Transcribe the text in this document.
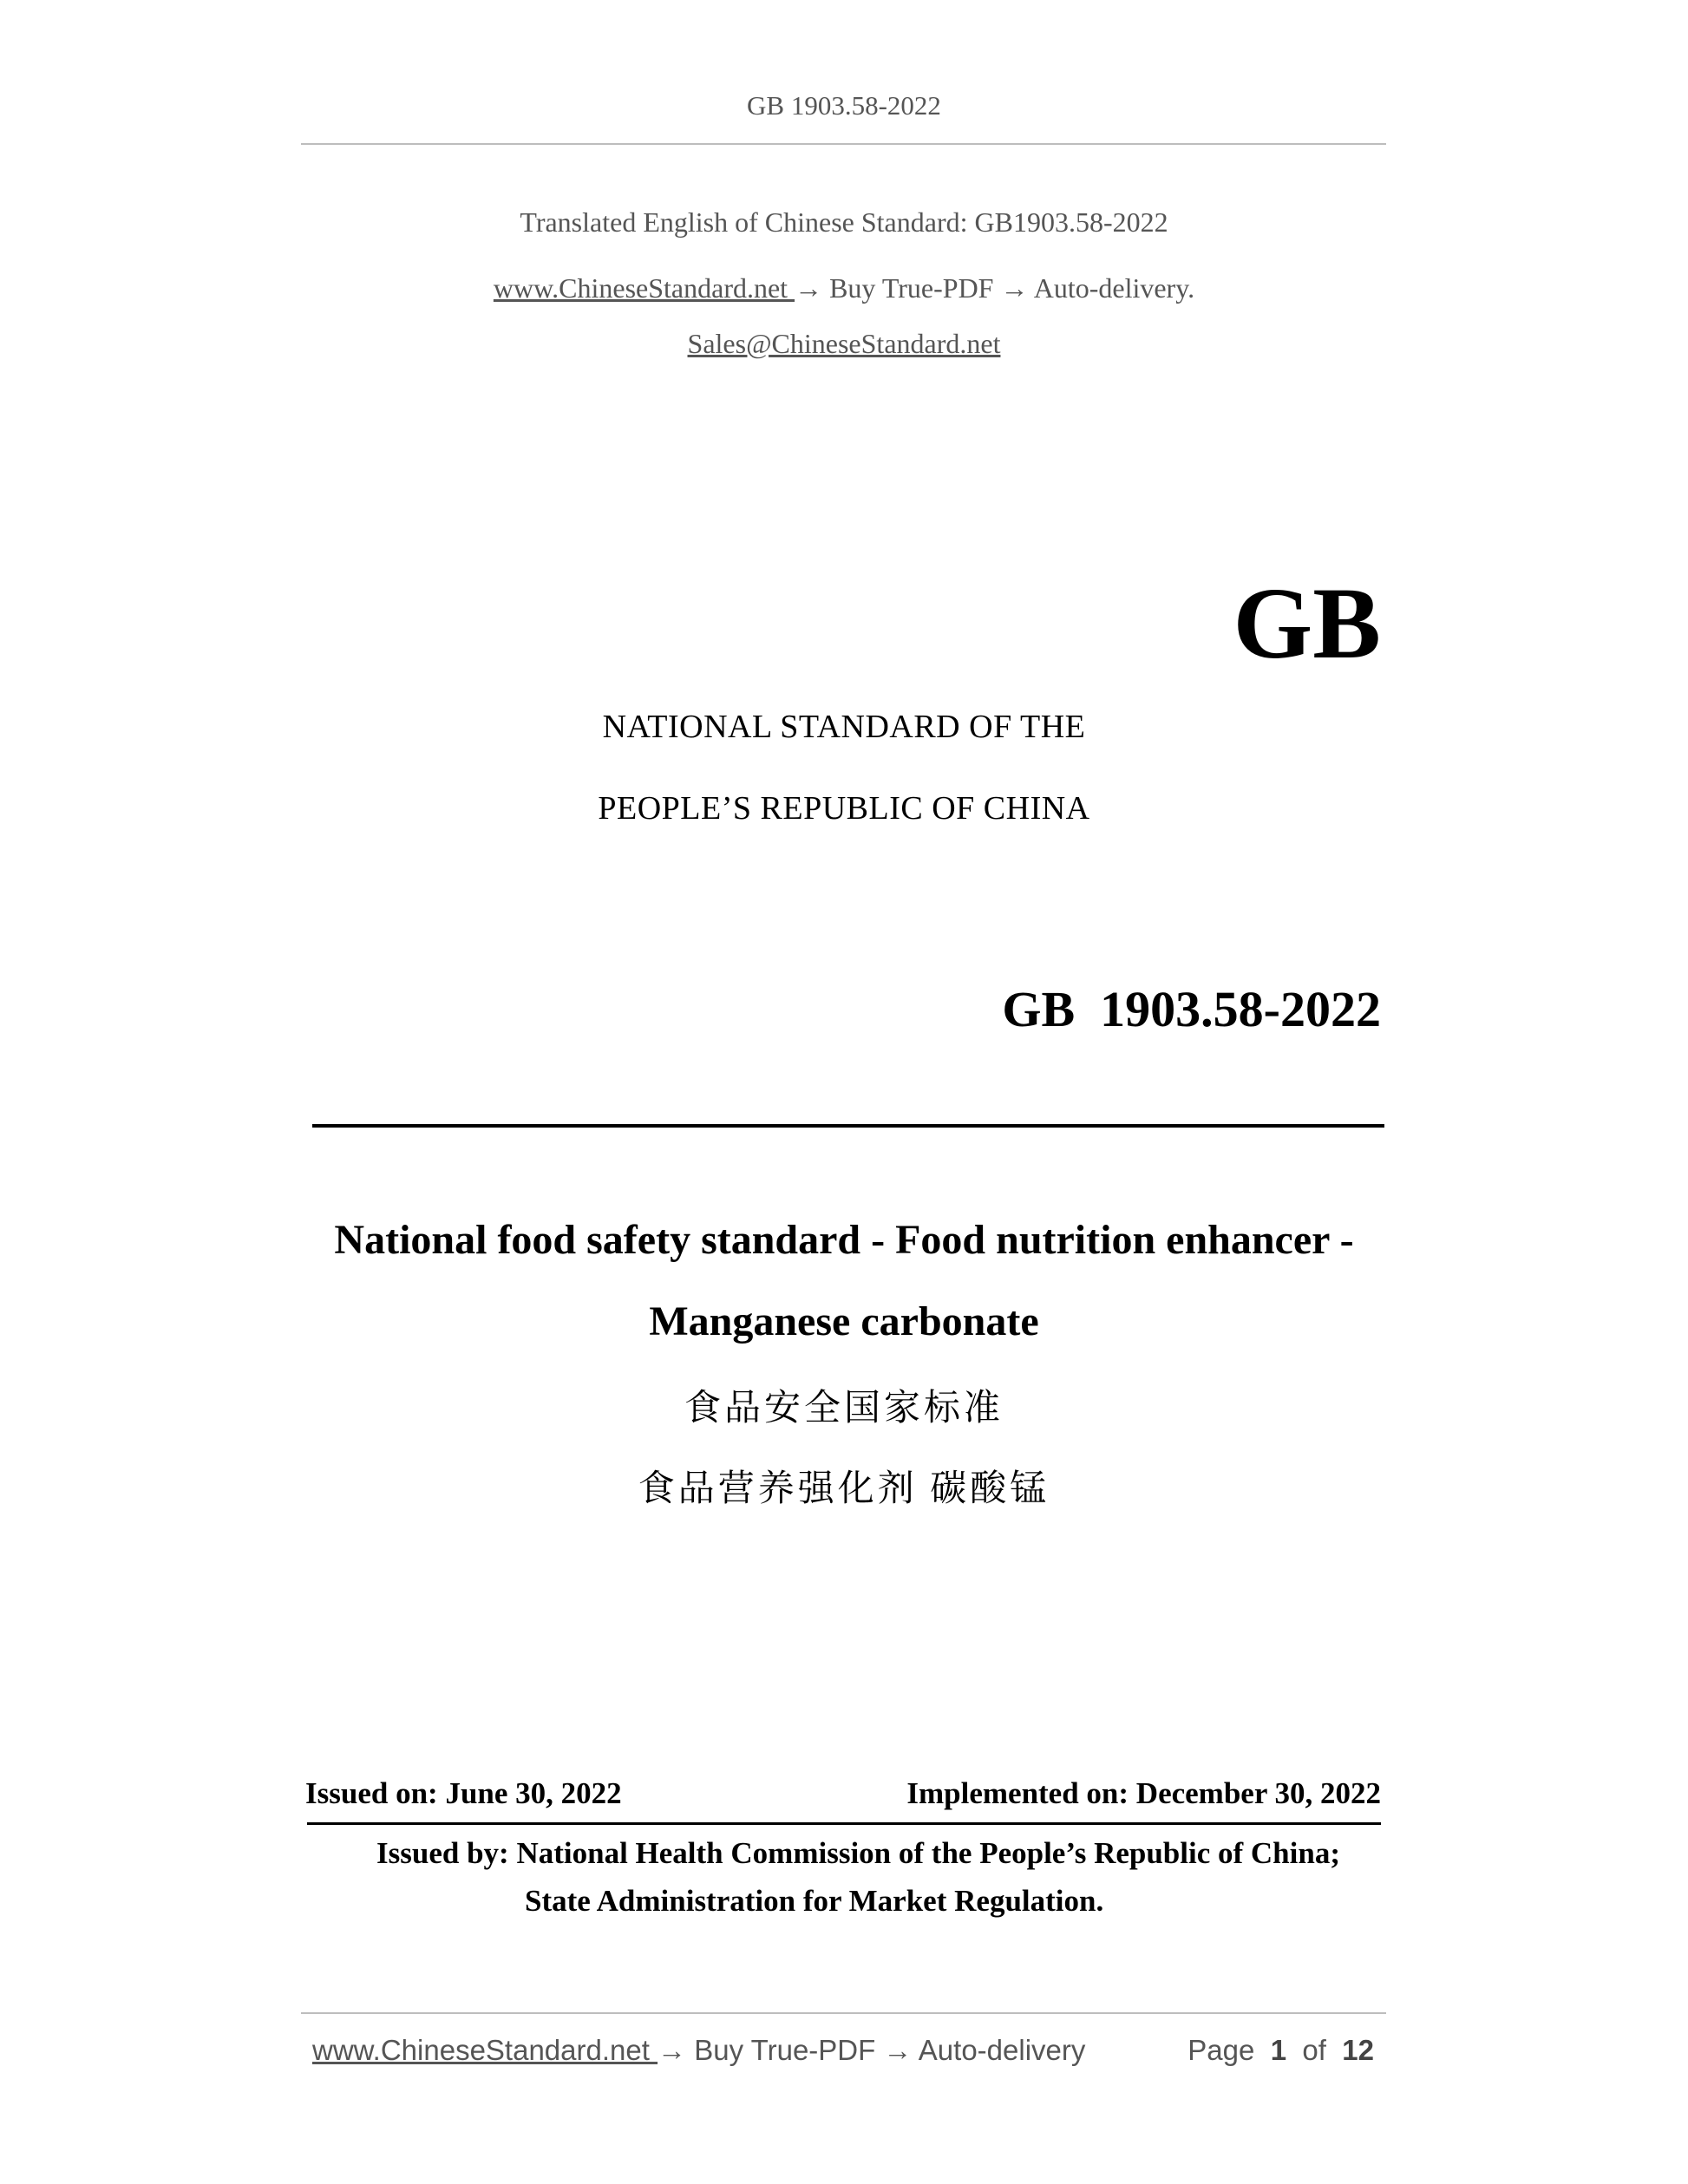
GB 1903.58-2022
Translated English of Chinese Standard: GB1903.58-2022
www.ChineseStandard.net → Buy True-PDF → Auto-delivery.
Sales@ChineseStandard.net
GB
NATIONAL STANDARD OF THE
PEOPLE’S REPUBLIC OF CHINA
GB  1903.58-2022
National food safety standard - Food nutrition enhancer -
Manganese carbonate
食品安全国家标准
食品营养强化剂 碳酸锰
Issued on: June 30, 2022	Implemented on: December 30, 2022
Issued by: National Health Commission of the People’s Republic of China;
State Administration for Market Regulation.
www.ChineseStandard.net → Buy True-PDF → Auto-delivery	Page 1 of 12
